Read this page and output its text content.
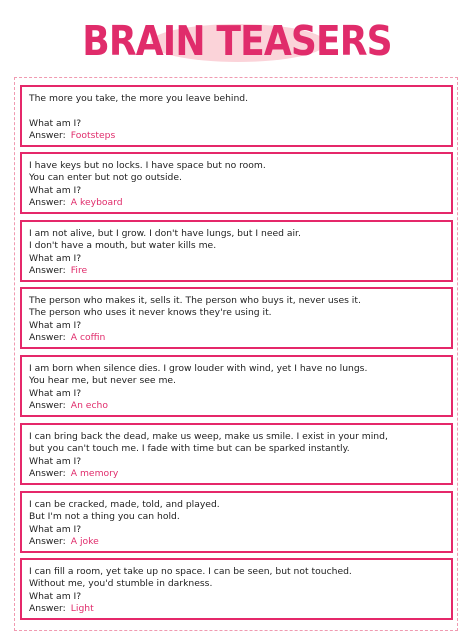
BRAIN TEASERS
The more you take, the more you leave behind.
What am I?
Answer: Footsteps
I have keys but no locks. I have space but no room.
You can enter but not go outside.
What am I?
Answer: A keyboard
I am not alive, but I grow. I don't have lungs, but I need air.
I don't have a mouth, but water kills me.
What am I?
Answer: Fire
The person who makes it, sells it. The person who buys it, never uses it.
The person who uses it never knows they're using it.
What am I?
Answer: A coffin
I am born when silence dies. I grow louder with wind, yet I have no lungs.
You hear me, but never see me.
What am I?
Answer: An echo
I can bring back the dead, make us weep, make us smile. I exist in your mind,
but you can't touch me. I fade with time but can be sparked instantly.
What am I?
Answer: A memory
I can be cracked, made, told, and played.
But I'm not a thing you can hold.
What am I?
Answer: A joke
I can fill a room, yet take up no space. I can be seen, but not touched.
Without me, you'd stumble in darkness.
What am I?
Answer: Light
